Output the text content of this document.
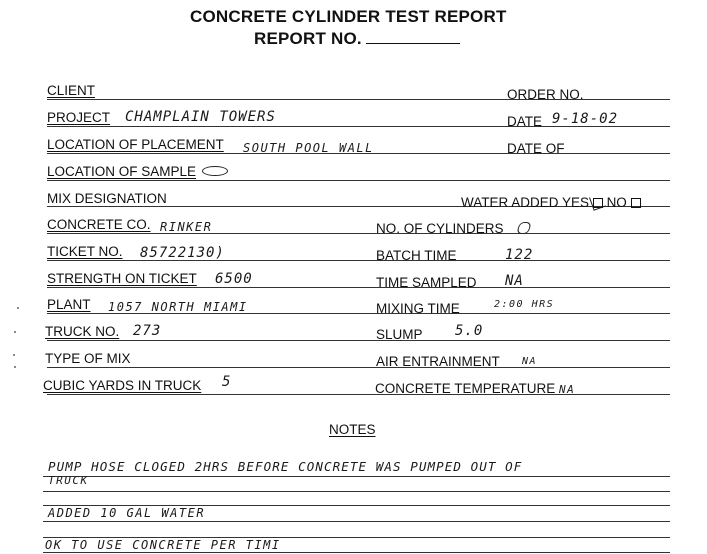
CONCRETE CYLINDER TEST REPORT
REPORT NO.
CLIENT	ORDER NO.
PROJECT CHAMPLAIN TOWERS	DATE 9-18-02
LOCATION OF PLACEMENT SOUTH POOL WALL	DATE OF
LOCATION OF SAMPLE
MIX DESIGNATION	WATER ADDED YES NO
CONCRETE CO. RINKER	NO. OF CYLINDERS
TICKET NO. 85722130)	BATCH TIME	122
STRENGTH ON TICKET 6500	TIME SAMPLED NA
PLANT 1057 NORTH MIAMI	MIXING TIME	2:00 HRS
TRUCK NO. 273	SLUMP 5.0
TYPE OF MIX	AIR ENTRAINMENT NA
CUBIC YARDS IN TRUCK 5	CONCRETE TEMPERATURE NA
NOTES
PUMP HOSE CLOGED 2HRS BEFORE CONCRETE WAS PUMPED OUT OF
TRUCK
ADDED 10 GAL WATER
OK TO USE CONCRETE PER TIMI
